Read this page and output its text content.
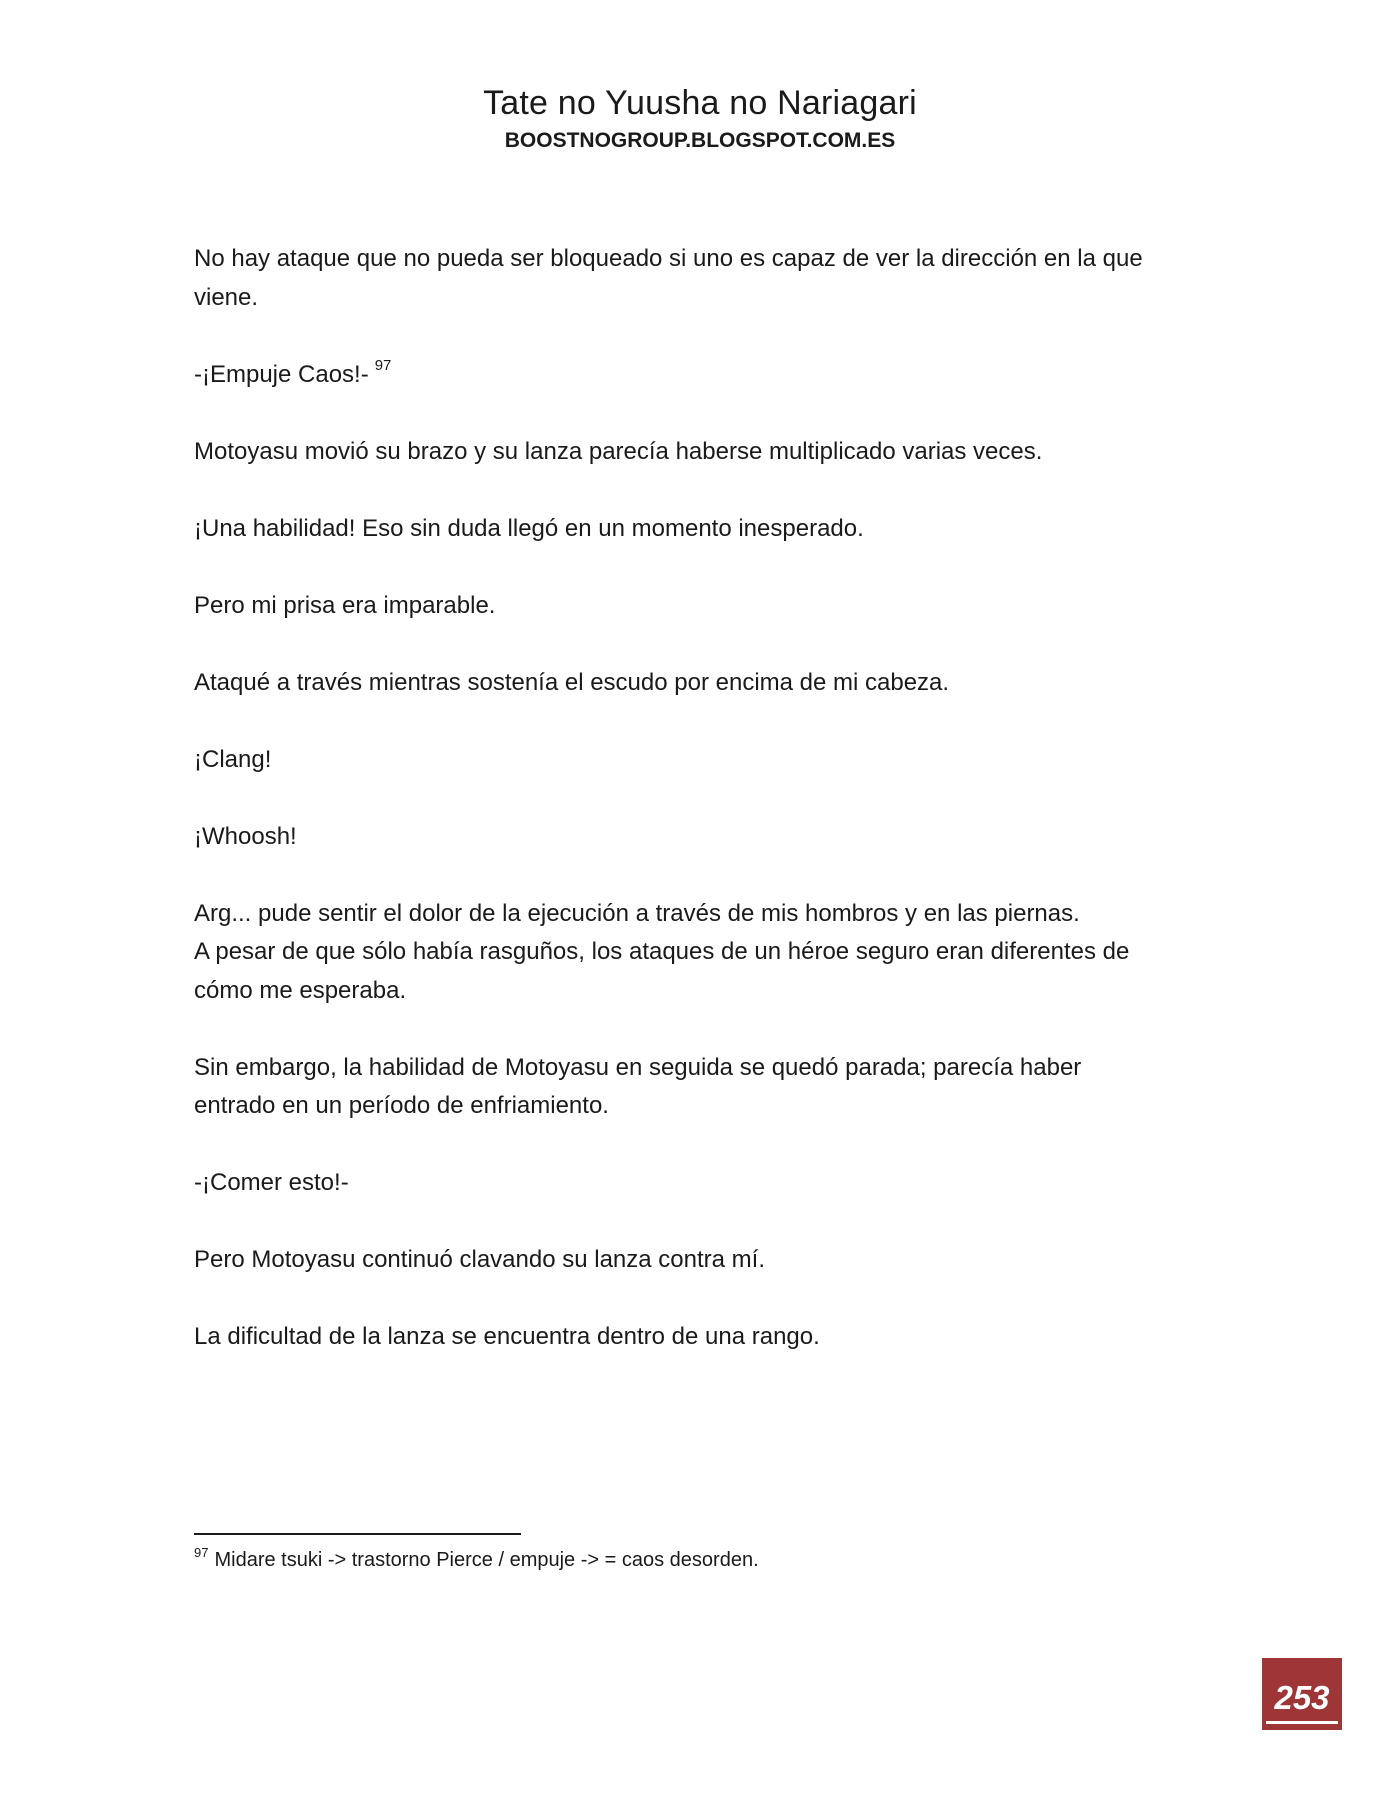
Tate no Yuusha no Nariagari
BOOSTNOGROUP.BLOGSPOT.COM.ES

No hay ataque que no pueda ser bloqueado si uno es capaz de ver la dirección en la que
viene.

-¡Empuje Caos!- $^{97}$

Motoyasu movió su brazo y su lanza parecía haberse multiplicado varias veces.

¡Una habilidad! Eso sin duda llegó en un momento inesperado.

Pero mi prisa era imparable.

Ataqué a través mientras sostenía el escudo por encima de mi cabeza.

¡Clang!

¡Whoosh!

Arg... pude sentir el dolor de la ejecución a través de mis hombros y en las piernas.
A pesar de que sólo había rasguños, los ataques de un héroe seguro eran diferentes de
cómo me esperaba.

Sin embargo, la habilidad de Motoyasu en seguida se quedó parada; parecía haber
entrado en un período de enfriamiento.

-¡Comer esto!-

Pero Motoyasu continuó clavando su lanza contra mí.

La dificultad de la lanza se encuentra dentro de una rango.

$^{97}$ Midare tsuki -> trastorno Pierce / empuje -> = caos desorden.
253
